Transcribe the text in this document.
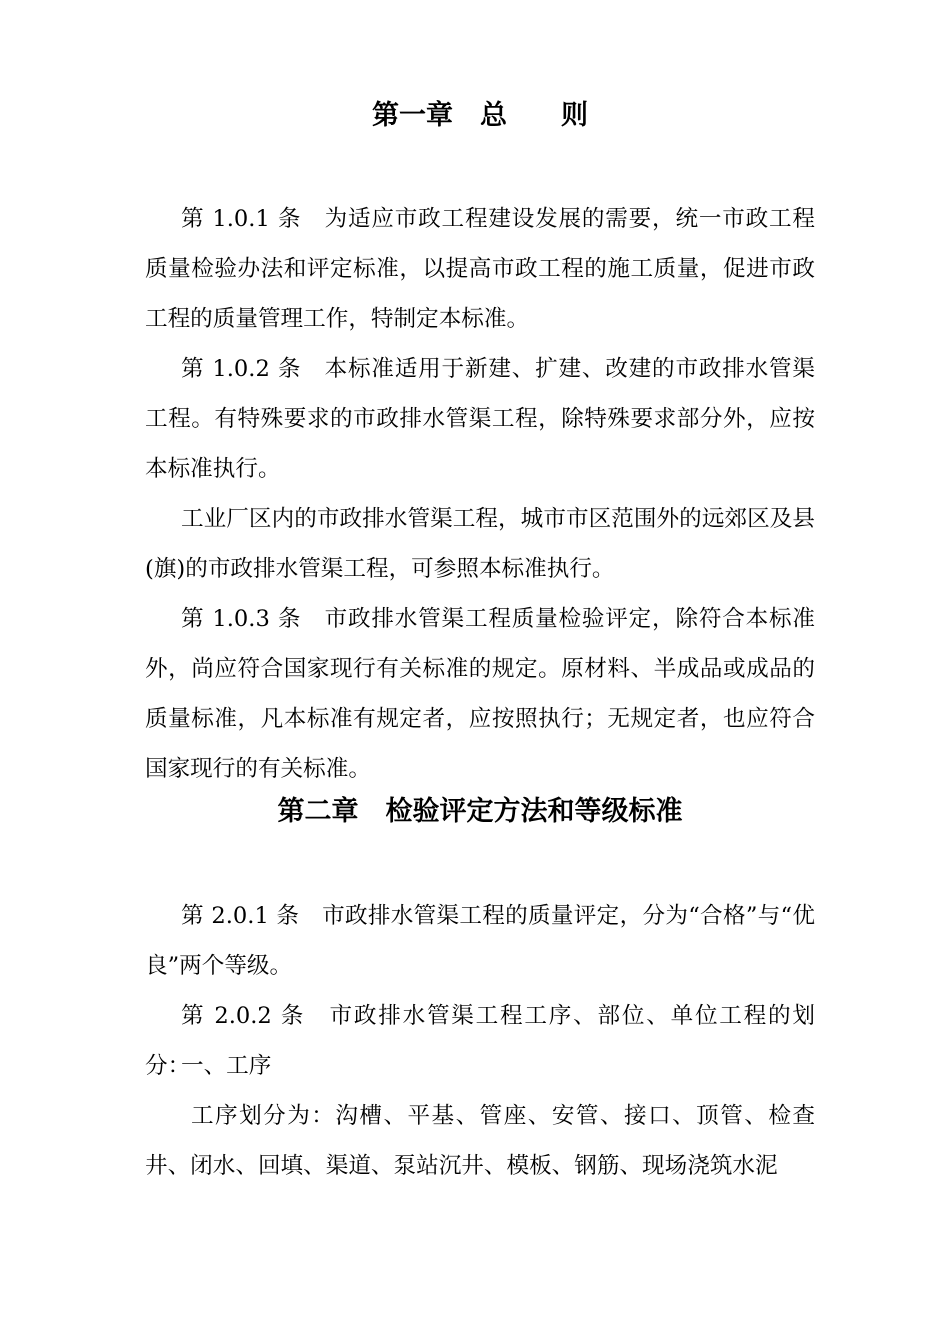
第一章　总　　则

第 1.0.1 条　为适应市政工程建设发展的需要，统一市政工程质量检验办法和评定标准，以提高市政工程的施工质量，促进市政工程的质量管理工作，特制定本标准。

第 1.0.2 条　本标准适用于新建、扩建、改建的市政排水管渠工程。有特殊要求的市政排水管渠工程，除特殊要求部分外，应按本标准执行。

工业厂区内的市政排水管渠工程，城市市区范围外的远郊区及县(旗)的市政排水管渠工程，可参照本标准执行。

第 1.0.3 条　市政排水管渠工程质量检验评定，除符合本标准外，尚应符合国家现行有关标准的规定。原材料、半成品或成品的质量标准，凡本标准有规定者，应按照执行；无规定者，也应符合国家现行的有关标准。

第二章　检验评定方法和等级标准

第 2.0.1 条　市政排水管渠工程的质量评定，分为“合格”与“优良”两个等级。

第 2.0.2 条　市政排水管渠工程工序、部位、单位工程的划分：

一、工序

工序划分为：沟槽、平基、管座、安管、接口、顶管、检查井、闭水、回填、渠道、泵站沉井、模板、钢筋、现场浇筑水泥
